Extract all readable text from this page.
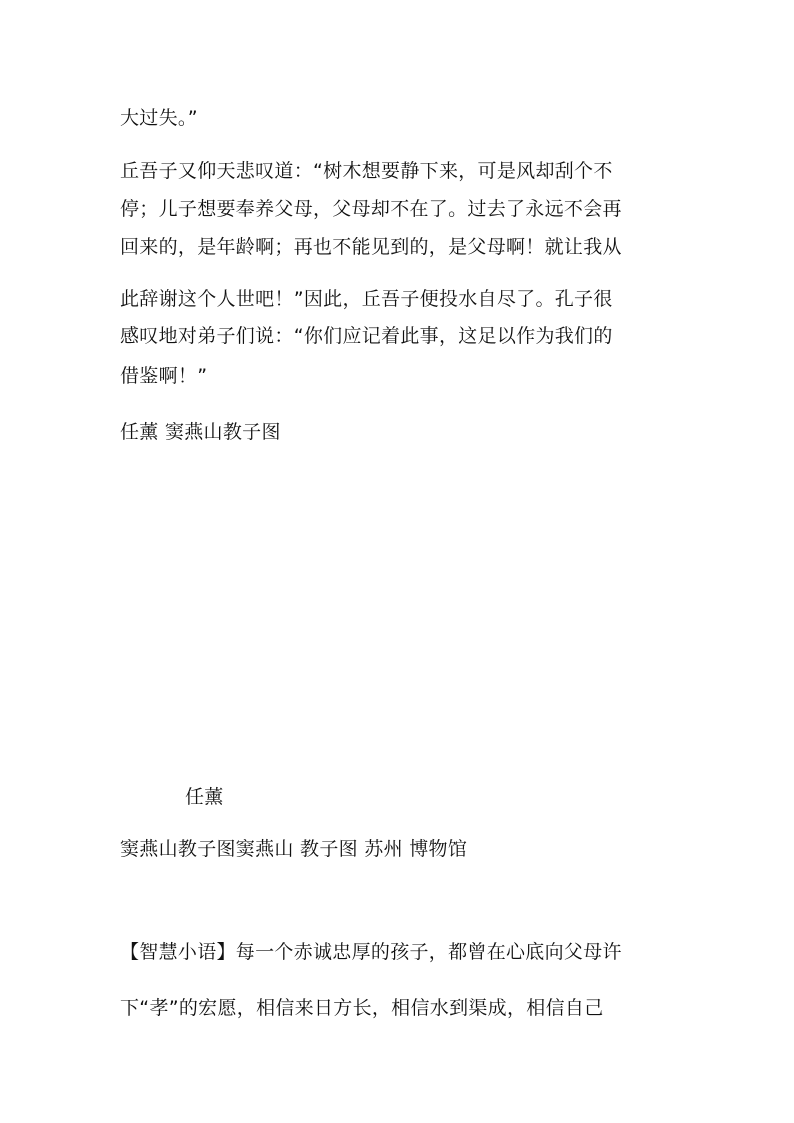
大过失。”
丘吾子又仰天悲叹道：“树木想要静下来，可是风却刮个不
停；儿子想要奉养父母，父母却不在了。过去了永远不会再
回来的，是年龄啊；再也不能见到的，是父母啊！就让我从
此辞谢这个人世吧！”因此，丘吾子便投水自尽了。孔子很
感叹地对弟子们说：“你们应记着此事，这足以作为我们的
借鉴啊！”
任薰 窦燕山教子图
任薰
窦燕山教子图窦燕山 教子图 苏州 博物馆
【智慧小语】每一个赤诚忠厚的孩子，都曾在心底向父母许
下“孝”的宏愿，相信来日方长，相信水到渠成，相信自己
